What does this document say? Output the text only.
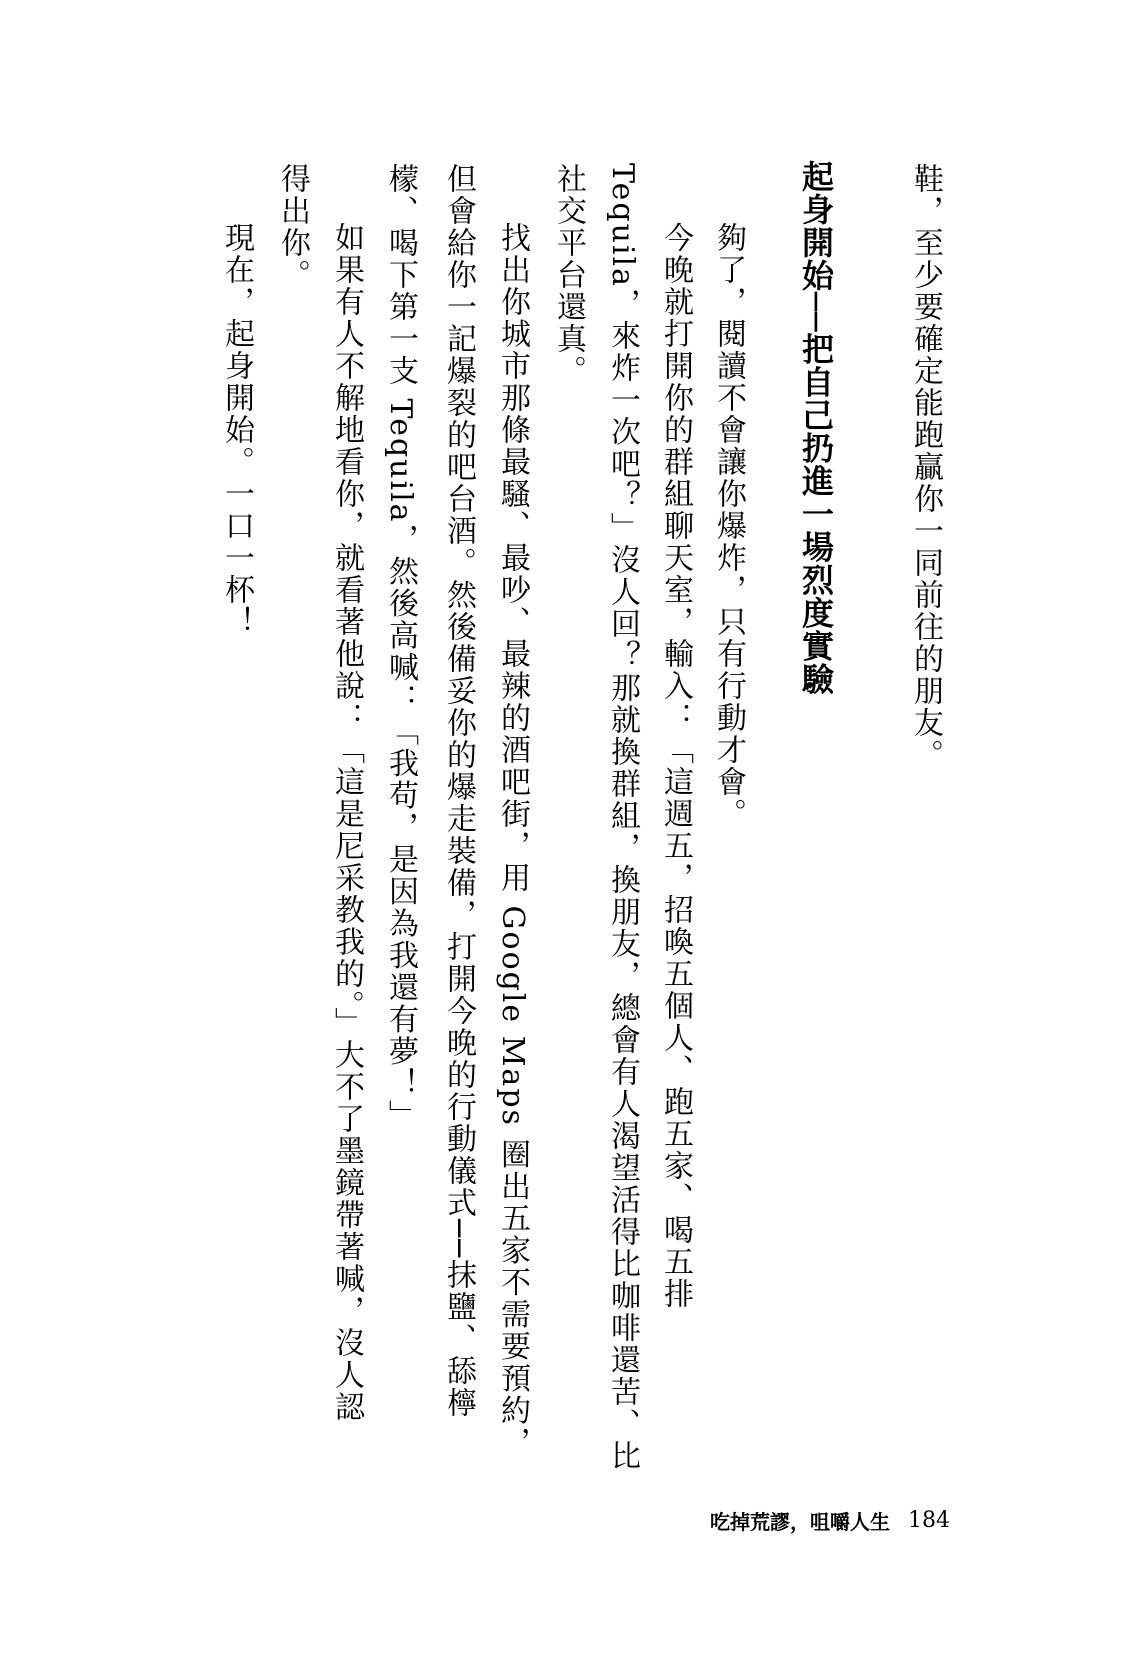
鞋，至少要確定能跑贏你一同前往的朋友。
起身開始──把自己扔進一場烈度實驗
夠了，閱讀不會讓你爆炸，只有行動才會。
今晚就打開你的群組聊天室，輸入：「這週五，招喚五個人、跑五家、喝五排
Tequila，來炸一次吧？」沒人回？那就換群組，換朋友，總會有人渴望活得比咖啡還苦、比
社交平台還真。
找出你城市那條最騷、最吵、最辣的酒吧街，用 Google Maps 圈出五家不需要預約，
但會給你一記爆裂的吧台酒。然後備妥你的爆走裝備，打開今晚的行動儀式──抹鹽、舔檸
檬、喝下第一支 Tequila，然後高喊：「我苟，是因為我還有夢！」
如果有人不解地看你，就看著他說：「這是尼采教我的。」大不了墨鏡帶著喊，沒人認
得出你。
現在，起身開始。一口一杯！
吃掉荒謬，咀嚼人生 184
